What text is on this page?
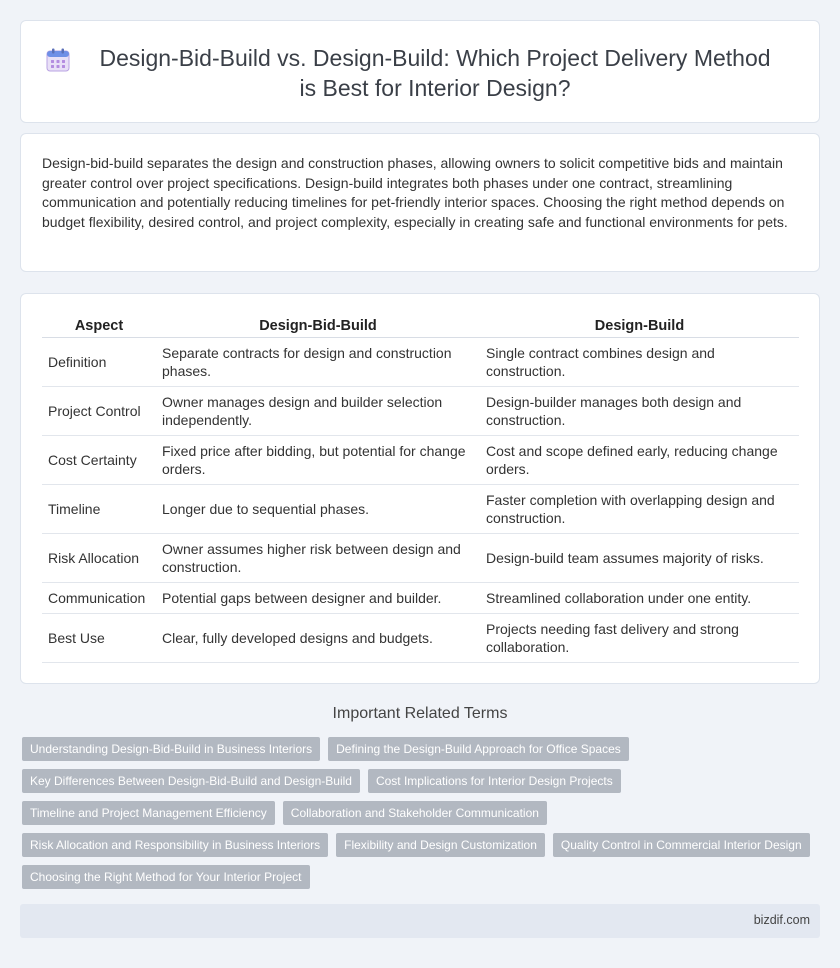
Design-Bid-Build vs. Design-Build: Which Project Delivery Method is Best for Interior Design?

Design-bid-build separates the design and construction phases, allowing owners to solicit competitive bids and maintain greater control over project specifications. Design-build integrates both phases under one contract, streamlining communication and potentially reducing timelines for pet-friendly interior spaces. Choosing the right method depends on budget flexibility, desired control, and project complexity, especially in creating safe and functional environments for pets.

Aspect	Design-Bid-Build	Design-Build
Definition	Separate contracts for design and construction phases.	Single contract combines design and construction.
Project Control	Owner manages design and builder selection independently.	Design-builder manages both design and construction.
Cost Certainty	Fixed price after bidding, but potential for change orders.	Cost and scope defined early, reducing change orders.
Timeline	Longer due to sequential phases.	Faster completion with overlapping design and construction.
Risk Allocation	Owner assumes higher risk between design and construction.	Design-build team assumes majority of risks.
Communication	Potential gaps between designer and builder.	Streamlined collaboration under one entity.
Best Use	Clear, fully developed designs and budgets.	Projects needing fast delivery and strong collaboration.
Important Related Terms
Understanding Design-Bid-Build in Business Interiors	Defining the Design-Build Approach for Office Spaces
Key Differences Between Design-Bid-Build and Design-Build	Cost Implications for Interior Design Projects
Timeline and Project Management Efficiency	Collaboration and Stakeholder Communication
Risk Allocation and Responsibility in Business Interiors	Flexibility and Design Customization	Quality Control in Commercial Interior Design
Choosing the Right Method for Your Interior Project
bizdif.com
